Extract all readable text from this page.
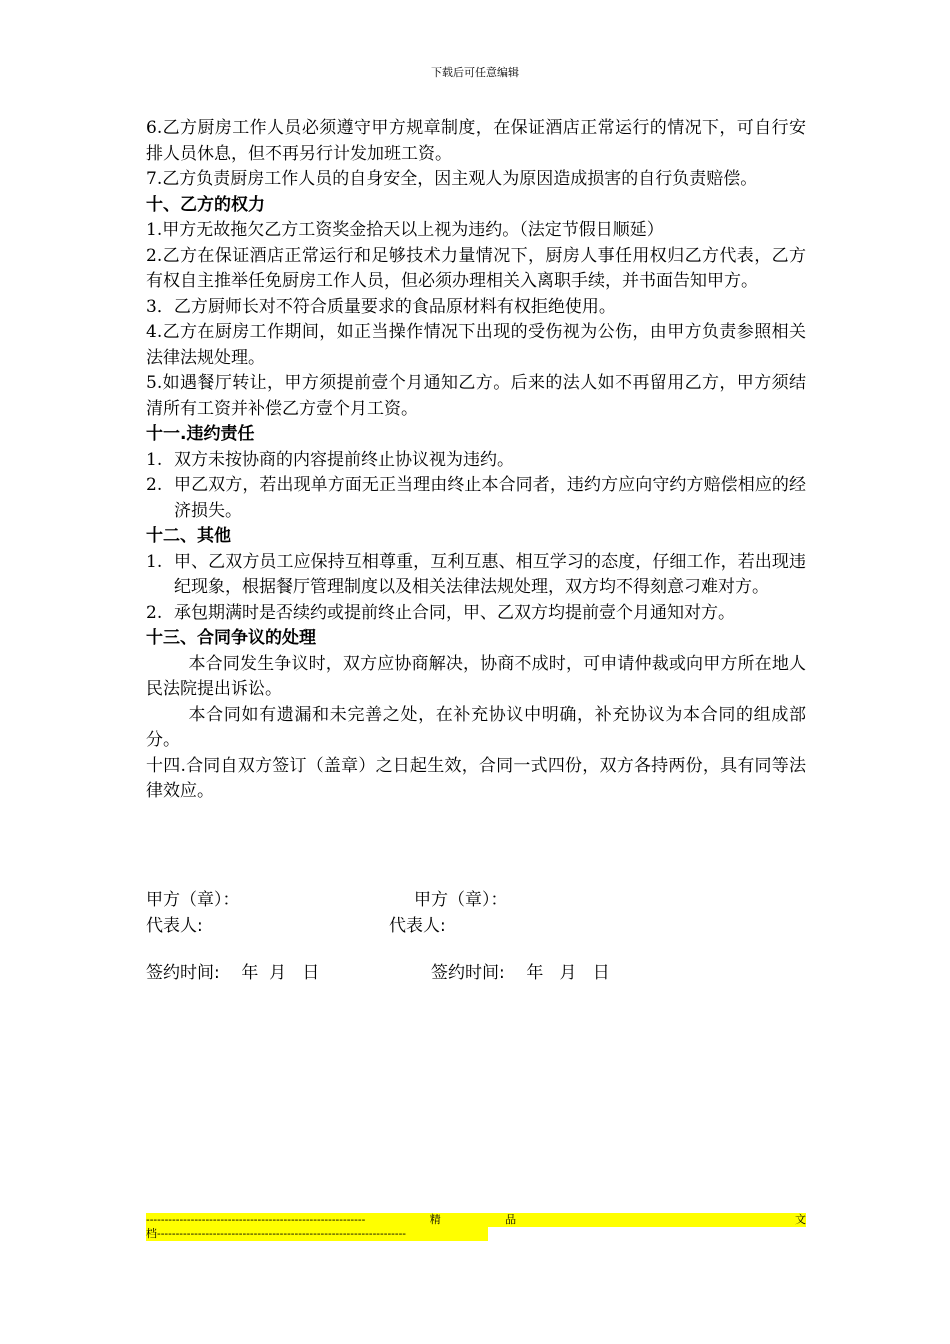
下载后可任意编辑

6.乙方厨房工作人员必须遵守甲方规章制度，在保证酒店正常运行的情况下，可自行安排人员休息，但不再另行计发加班工资。

7.乙方负责厨房工作人员的自身安全，因主观人为原因造成损害的自行负责赔偿。

十、乙方的权力

1.甲方无故拖欠乙方工资奖金拾天以上视为违约。（法定节假日顺延）

2.乙方在保证酒店正常运行和足够技术力量情况下，厨房人事任用权归乙方代表，乙方有权自主推举任免厨房工作人员，但必须办理相关入离职手续，并书面告知甲方。

3．乙方厨师长对不符合质量要求的食品原材料有权拒绝使用。

4.乙方在厨房工作期间，如正当操作情况下出现的受伤视为公伤，由甲方负责参照相关法律法规处理。

5.如遇餐厅转让，甲方须提前壹个月通知乙方。后来的法人如不再留用乙方，甲方须结清所有工资并补偿乙方壹个月工资。

十一.违约责任

1. 双方未按协商的内容提前终止协议视为违约。
2. 甲乙双方，若出现单方面无正当理由终止本合同者，违约方应向守约方赔偿相应的经济损失。

十二、其他

1. 甲、乙双方员工应保持互相尊重，互利互惠、相互学习的态度，仔细工作，若出现违纪现象，根据餐厅管理制度以及相关法律法规处理，双方均不得刻意刁难对方。
2. 承包期满时是否续约或提前终止合同，甲、乙双方均提前壹个月通知对方。

十三、合同争议的处理

本合同发生争议时，双方应协商解决，协商不成时，可申请仲裁或向甲方所在地人民法院提出诉讼。

本合同如有遗漏和未完善之处，在补充协议中明确，补充协议为本合同的组成部分。

十四.合同自双方签订（盖章）之日起生效，合同一式四份，双方各持两份，具有同等法律效应。

甲方（章）：	甲方（章）：
代表人:	代表人:
签约时间:    年  月   日	签约时间:    年   月   日
-----------------------------------------------------------	精	品	文
档-------------------------------------------------------------------
